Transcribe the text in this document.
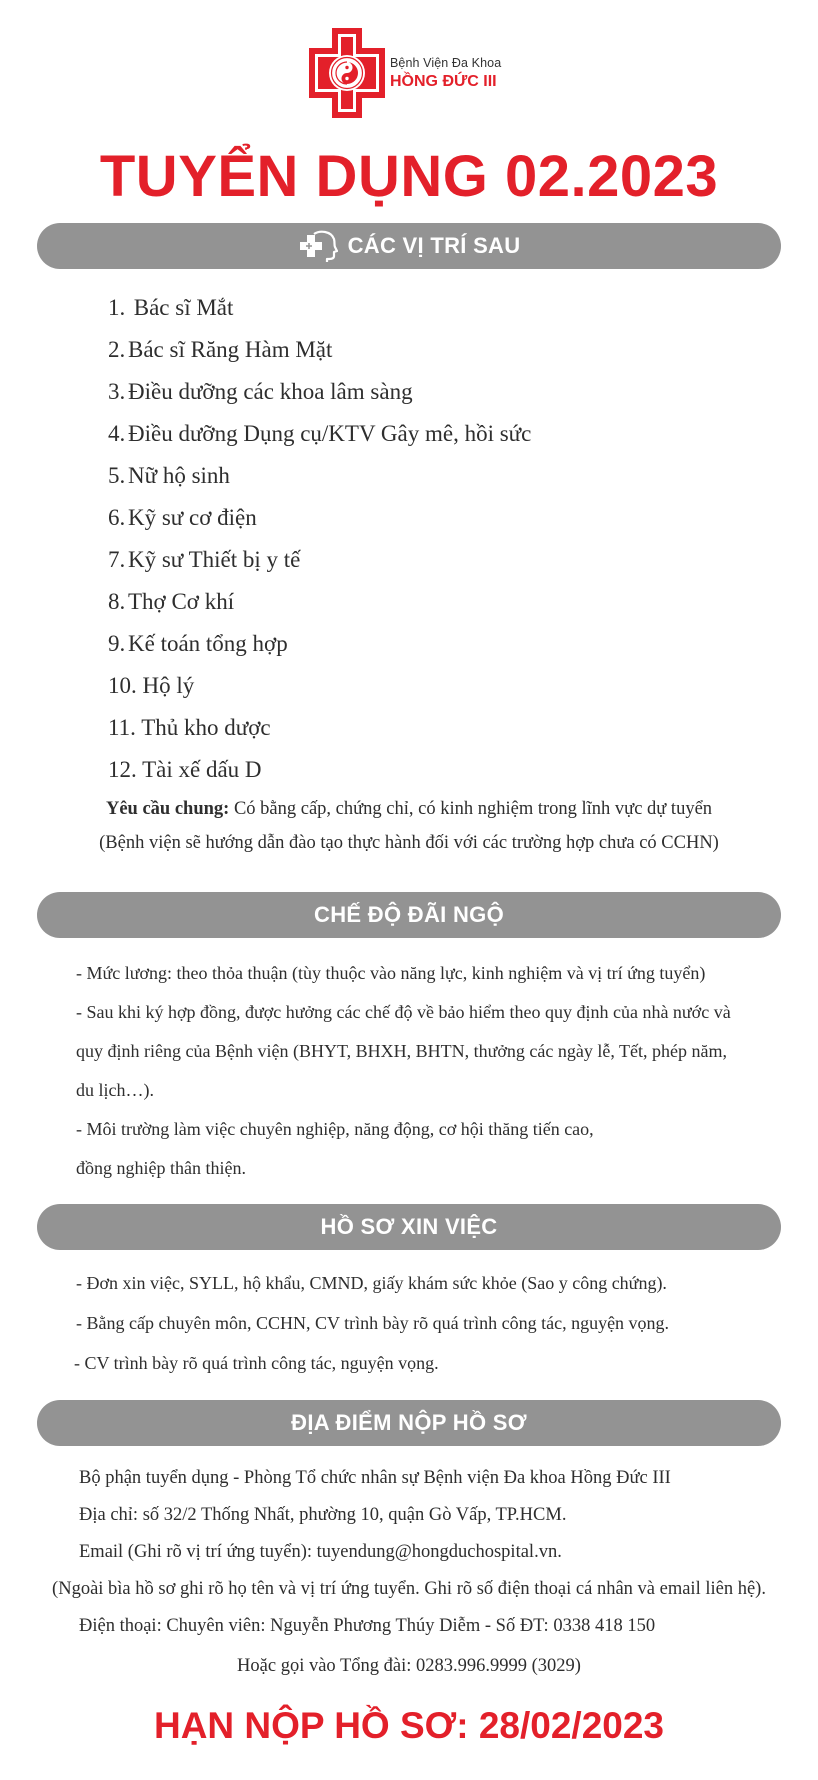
Bệnh Viện Đa Khoa
HỒNG ĐỨC III
TUYỂN DỤNG 02.2023
CÁC VỊ TRÍ SAU
1. Bác sĩ Mắt
2. Bác sĩ Răng Hàm Mặt
3. Điều dưỡng các khoa lâm sàng
4. Điều dưỡng Dụng cụ/KTV Gây mê, hồi sức
5. Nữ hộ sinh
6. Kỹ sư cơ điện
7. Kỹ sư Thiết bị y tế
8. Thợ Cơ khí
9. Kế toán tổng hợp
10. Hộ lý
11. Thủ kho dược
12. Tài xế dấu D
Yêu cầu chung: Có bằng cấp, chứng chỉ, có kinh nghiệm trong lĩnh vực dự tuyển
(Bệnh viện sẽ hướng dẫn đào tạo thực hành đối với các trường hợp chưa có CCHN)
CHẾ ĐỘ ĐÃI NGỘ
- Mức lương: theo thỏa thuận (tùy thuộc vào năng lực, kinh nghiệm và vị trí ứng tuyển)
- Sau khi ký hợp đồng, được hưởng các chế độ về bảo hiểm theo quy định của nhà nước và
quy định riêng của Bệnh viện (BHYT, BHXH, BHTN, thưởng các ngày lễ, Tết, phép năm,
du lịch…).
- Môi trường làm việc chuyên nghiệp, năng động, cơ hội thăng tiến cao,
đồng nghiệp thân thiện.
HỒ SƠ XIN VIỆC
- Đơn xin việc, SYLL, hộ khẩu, CMND, giấy khám sức khỏe (Sao y công chứng).
- Bằng cấp chuyên môn, CCHN, CV trình bày rõ quá trình công tác, nguyện vọng.
- CV trình bày rõ quá trình công tác, nguyện vọng.
ĐỊA ĐIỂM NỘP HỒ SƠ
Bộ phận tuyển dụng - Phòng Tổ chức nhân sự Bệnh viện Đa khoa Hồng Đức III
Địa chỉ: số 32/2 Thống Nhất, phường 10, quận Gò Vấp, TP.HCM.
Email (Ghi rõ vị trí ứng tuyển): tuyendung@hongduchospital.vn.
(Ngoài bìa hồ sơ ghi rõ họ tên và vị trí ứng tuyển. Ghi rõ số điện thoại cá nhân và email liên hệ).
Điện thoại: Chuyên viên: Nguyễn Phương Thúy Diễm - Số ĐT: 0338 418 150
Hoặc gọi vào Tổng đài: 0283.996.9999 (3029)
HẠN NỘP HỒ SƠ: 28/02/2023
